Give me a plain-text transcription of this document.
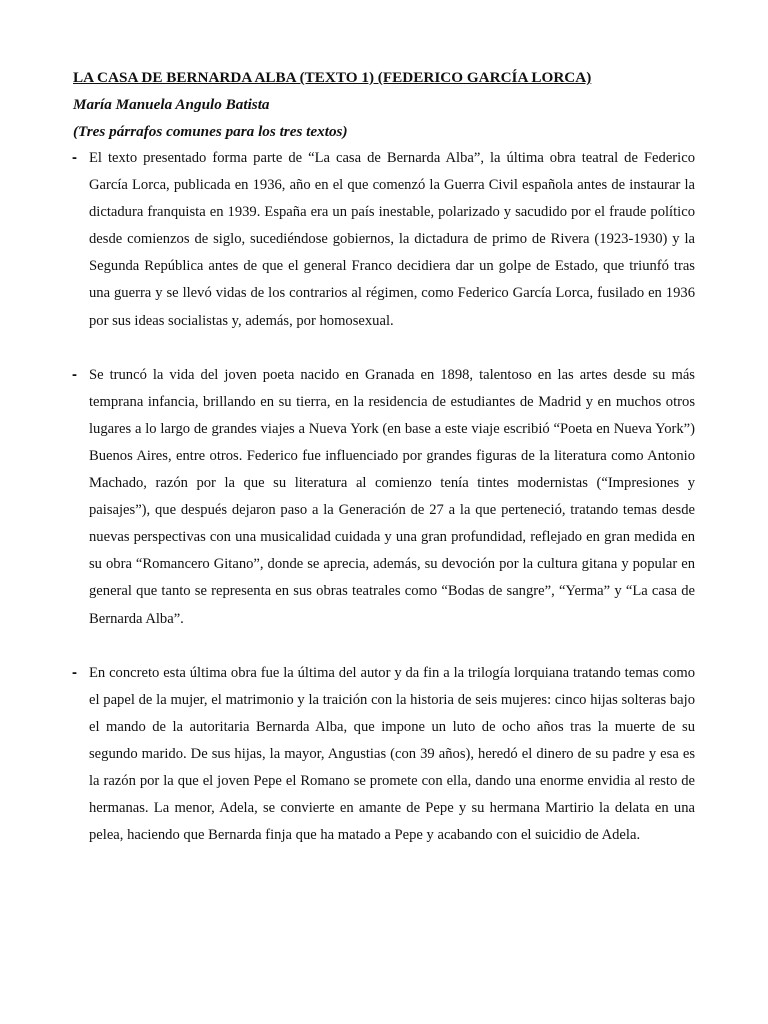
LA CASA DE BERNARDA ALBA (TEXTO 1) (FEDERICO GARCÍA LORCA)

María Manuela Angulo Batista

(Tres párrafos comunes para los tres textos)

- El texto presentado forma parte de “La casa de Bernarda Alba”, la última obra teatral de Federico García Lorca, publicada en 1936, año en el que comenzó la Guerra Civil española antes de instaurar la dictadura franquista en 1939. España era un país inestable, polarizado y sacudido por el fraude político desde comienzos de siglo, sucediéndose gobiernos, la dictadura de primo de Rivera (1923-1930) y la Segunda República antes de que el general Franco decidiera dar un golpe de Estado, que triunfó tras una guerra y se llevó vidas de los contrarios al régimen, como Federico García Lorca, fusilado en 1936 por sus ideas socialistas y, además, por homosexual.

- Se truncó la vida del joven poeta nacido en Granada en 1898, talentoso en las artes desde su más temprana infancia, brillando en su tierra, en la residencia de estudiantes de Madrid y en muchos otros lugares a lo largo de grandes viajes a Nueva York (en base a este viaje escribió “Poeta en Nueva York”) Buenos Aires, entre otros. Federico fue influenciado por grandes figuras de la literatura como Antonio Machado, razón por la que su literatura al comienzo tenía tintes modernistas (“Impresiones y paisajes”), que después dejaron paso a la Generación de 27 a la que perteneció, tratando temas desde nuevas perspectivas con una musicalidad cuidada y una gran profundidad, reflejado en gran medida en su obra “Romancero Gitano”, donde se aprecia, además, su devoción por la cultura gitana y popular en general que tanto se representa en sus obras teatrales como “Bodas de sangre”, “Yerma” y “La casa de Bernarda Alba”.

- En concreto esta última obra fue la última del autor y da fin a la trilogía lorquiana tratando temas como el papel de la mujer, el matrimonio y la traición con la historia de seis mujeres: cinco hijas solteras bajo el mando de la autoritaria Bernarda Alba, que impone un luto de ocho años tras la muerte de su segundo marido. De sus hijas, la mayor, Angustias (con 39 años), heredó el dinero de su padre y esa es la razón por la que el joven Pepe el Romano se promete con ella, dando una enorme envidia al resto de hermanas. La menor, Adela, se convierte en amante de Pepe y su hermana Martirio la delata en una pelea, haciendo que Bernarda finja que ha matado a Pepe y acabando con el suicidio de Adela.
